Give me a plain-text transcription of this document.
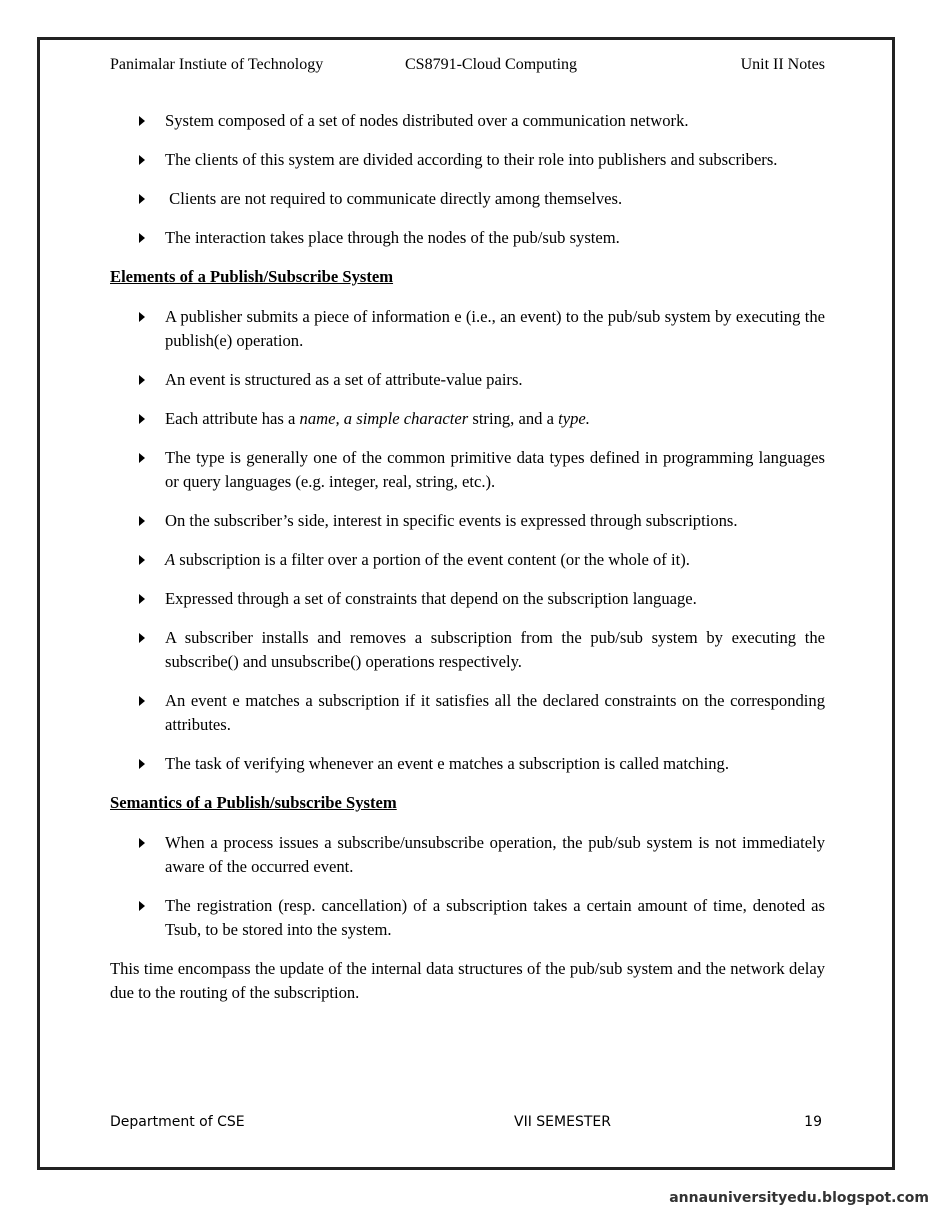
Panimalar Instiute of Technology	CS8791-Cloud Computing	Unit II Notes
System composed of a set of nodes distributed over a communication network.
The clients of this system are divided according to their role into publishers and subscribers.
Clients are not required to communicate directly among themselves.
The interaction takes place through the nodes of the pub/sub system.
Elements of a Publish/Subscribe System
A publisher submits a piece of information e (i.e., an event) to the pub/sub system by executing the publish(e) operation.
An event is structured as a set of attribute-value pairs.
Each attribute has a name, a simple character string, and a type.
The type is generally one of the common primitive data types defined in programming languages or query languages (e.g. integer, real, string, etc.).
On the subscriber’s side, interest in specific events is expressed through subscriptions.
A subscription is a filter over a portion of the event content (or the whole of it).
Expressed through a set of constraints that depend on the subscription language.
A subscriber installs and removes a subscription from the pub/sub system by executing the subscribe() and unsubscribe() operations respectively.
An event e matches a subscription if it satisfies all the declared constraints on the corresponding attributes.
The task of verifying whenever an event e matches a subscription is called matching.
Semantics of a Publish/subscribe System
When a process issues a subscribe/unsubscribe operation, the pub/sub system is not immediately aware of the occurred event.
The registration (resp. cancellation) of a subscription takes a certain amount of time, denoted as Tsub, to be stored into the system.

This time encompass the update of the internal data structures of the pub/sub system and the network delay due to the routing of the subscription.

Department of CSE	VII SEMESTER	19
annauniversityedu.blogspot.com
